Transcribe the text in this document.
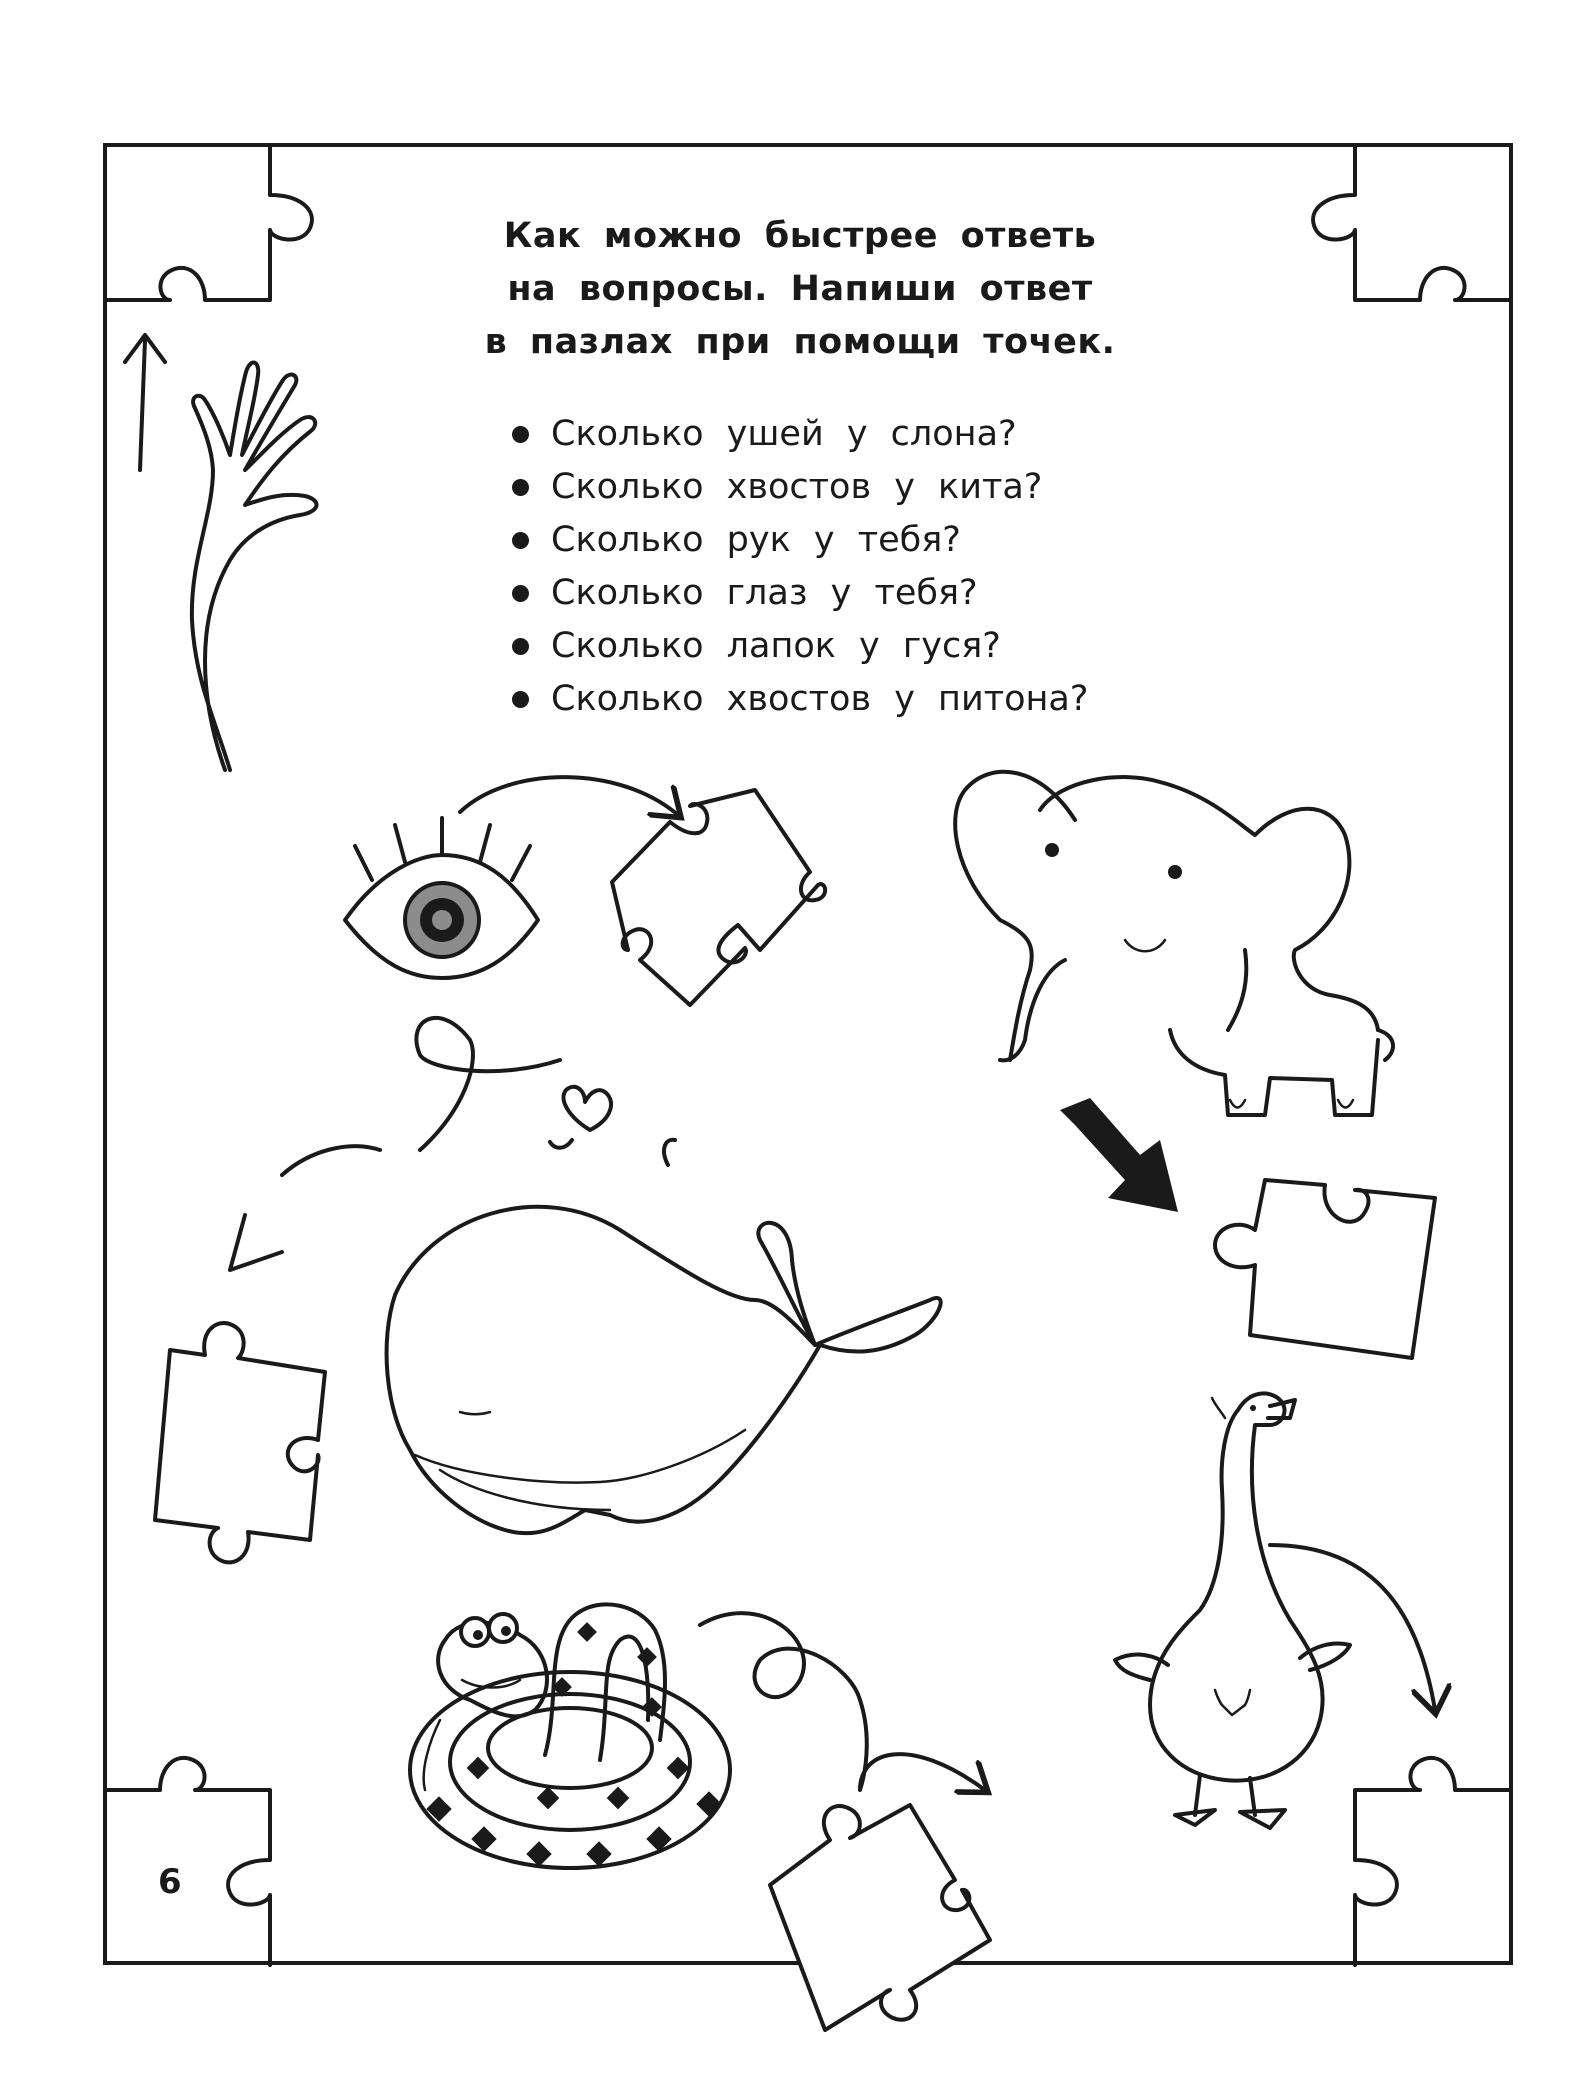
Как можно быстрее ответь
на вопросы. Напиши ответ
в пазлах при помощи точек.
Сколько ушей у слона?
Сколько хвостов у кита?
Сколько рук у тебя?
Сколько глаз у тебя?
Сколько лапок у гуся?
Сколько хвостов у питона?
6
